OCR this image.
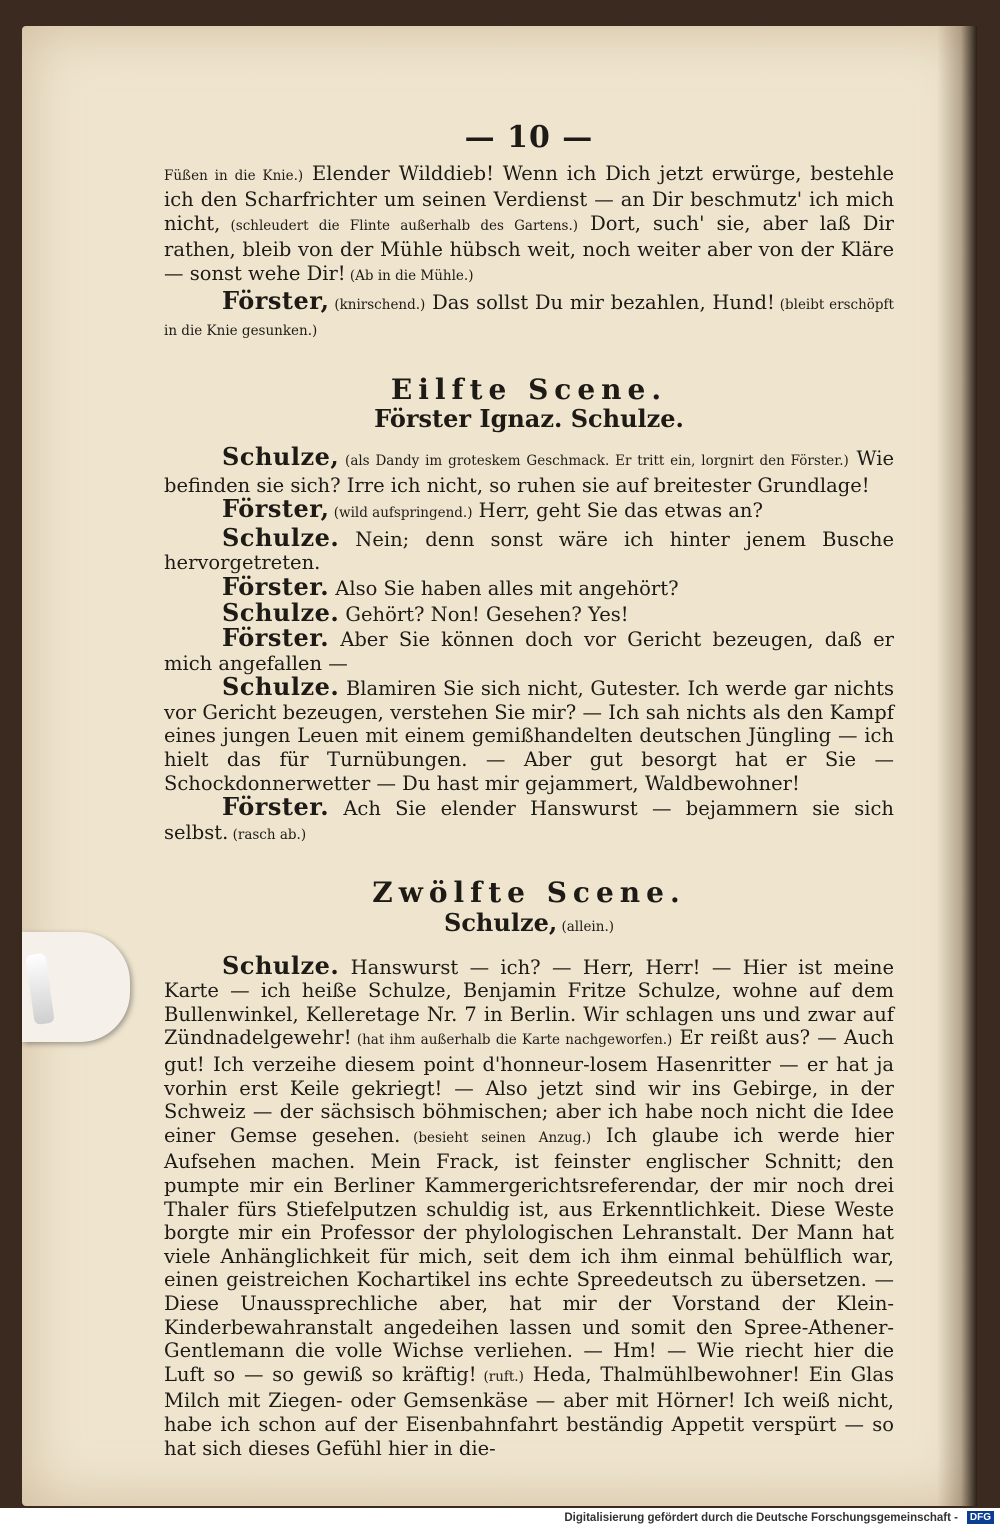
— 10 —

Füßen in die Knie.) Elender Wilddieb! Wenn ich Dich jetzt erwürge, bestehle ich den Scharfrichter um seinen Verdienst — an Dir beschmutz' ich mich nicht, (schleudert die Flinte außerhalb des Gartens.) Dort, such' sie, aber laß Dir rathen, bleib von der Mühle hübsch weit, noch weiter aber von der Kläre — sonst wehe Dir! (Ab in die Mühle.)

Förster, (knirschend.) Das sollst Du mir bezahlen, Hund! (bleibt erschöpft in die Knie gesunken.)

Eilfte Scene.
Förster Ignaz. Schulze.

Schulze, (als Dandy im groteskem Geschmack. Er tritt ein, lorgnirt den Förster.) Wie befinden sie sich? Irre ich nicht, so ruhen sie auf breitester Grundlage!

Förster, (wild aufspringend.) Herr, geht Sie das etwas an?

Schulze. Nein; denn sonst wäre ich hinter jenem Busche hervorgetreten.

Förster. Also Sie haben alles mit angehört?

Schulze. Gehört? Non! Gesehen? Yes!

Förster. Aber Sie können doch vor Gericht bezeugen, daß er mich angefallen —

Schulze. Blamiren Sie sich nicht, Gutester. Ich werde gar nichts vor Gericht bezeugen, verstehen Sie mir? — Ich sah nichts als den Kampf eines jungen Leuen mit einem gemißhandelten deutschen Jüngling — ich hielt das für Turnübungen. — Aber gut besorgt hat er Sie — Schockdonnerwetter — Du hast mir gejammert, Waldbewohner!

Förster. Ach Sie elender Hanswurst — bejammern sie sich selbst. (rasch ab.)

Zwölfte Scene.
Schulze, (allein.)

Schulze. Hanswurst — ich? — Herr, Herr! — Hier ist meine Karte — ich heiße Schulze, Benjamin Fritze Schulze, wohne auf dem Bullenwinkel, Kelleretage Nr. 7 in Berlin. Wir schlagen uns und zwar auf Zündnadelgewehr! (hat ihm außerhalb die Karte nachgeworfen.) Er reißt aus? — Auch gut! Ich verzeihe diesem point d'honneur-losem Hasenritter — er hat ja vorhin erst Keile gekriegt! — Also jetzt sind wir ins Gebirge, in der Schweiz — der sächsisch böhmischen; aber ich habe noch nicht die Idee einer Gemse gesehen. (besieht seinen Anzug.) Ich glaube ich werde hier Aufsehen machen. Mein Frack, ist feinster englischer Schnitt; den pumpte mir ein Berliner Kammergerichtsreferendar, der mir noch drei Thaler fürs Stiefelputzen schuldig ist, aus Erkenntlichkeit. Diese Weste borgte mir ein Professor der phylologischen Lehranstalt. Der Mann hat viele Anhänglichkeit für mich, seit dem ich ihm einmal behülflich war, einen geistreichen Kochartikel ins echte Spreedeutsch zu übersetzen. — Diese Unaussprechliche aber, hat mir der Vorstand der Klein-Kinderbewahranstalt angedeihen lassen und somit den Spree-Athener-Gentlemann die volle Wichse verliehen. — Hm! — Wie riecht hier die Luft so — so gewiß so kräftig! (ruft.) Heda, Thalmühlbewohner! Ein Glas Milch mit Ziegen- oder Gemsenkäse — aber mit Hörner! Ich weiß nicht, habe ich schon auf der Eisenbahnfahrt beständig Appetit verspürt — so hat sich dieses Gefühl hier in die-

Digitalisierung gefördert durch die Deutsche Forschungsgemeinschaft -	DFG
